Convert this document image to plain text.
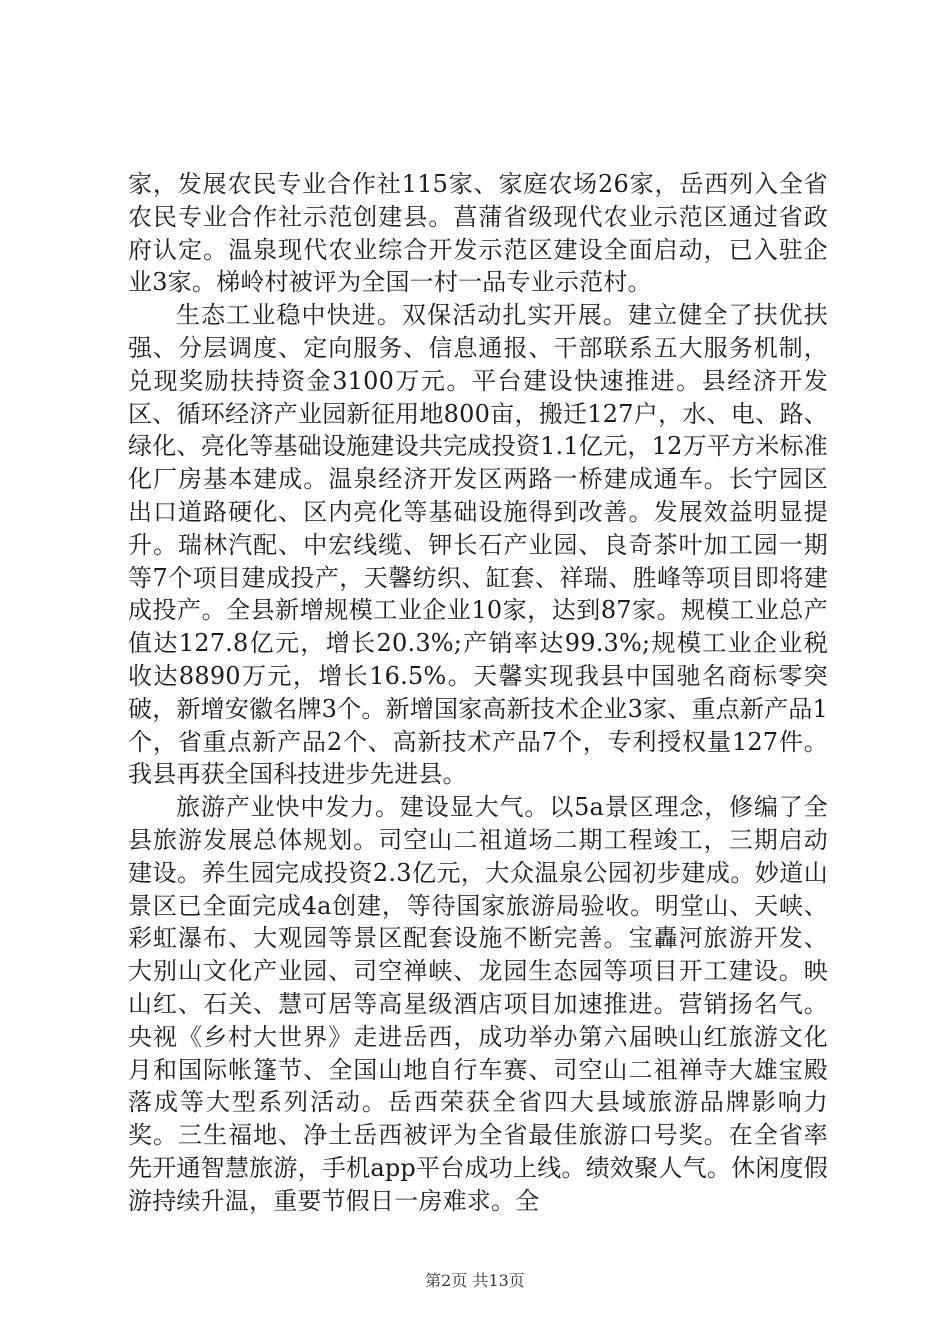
家，发展农民专业合作社115家、家庭农场26家，岳西列入全省农民专业合作社示范创建县。菖蒲省级现代农业示范区通过省政府认定。温泉现代农业综合开发示范区建设全面启动，已入驻企业3家。梯岭村被评为全国一村一品专业示范村。

生态工业稳中快进。双保活动扎实开展。建立健全了扶优扶强、分层调度、定向服务、信息通报、干部联系五大服务机制，兑现奖励扶持资金3100万元。平台建设快速推进。县经济开发区、循环经济产业园新征用地800亩，搬迁127户，水、电、路、绿化、亮化等基础设施建设共完成投资1.1亿元，12万平方米标准化厂房基本建成。温泉经济开发区两路一桥建成通车。长宁园区出口道路硬化、区内亮化等基础设施得到改善。发展效益明显提升。瑞林汽配、中宏线缆、钾长石产业园、良奇茶叶加工园一期等7个项目建成投产，天馨纺织、缸套、祥瑞、胜峰等项目即将建成投产。全县新增规模工业企业10家，达到87家。规模工业总产值达127.8亿元，增长20.3%;产销率达99.3%;规模工业企业税收达8890万元，增长16.5%。天馨实现我县中国驰名商标零突破，新增安徽名牌3个。新增国家高新技术企业3家、重点新产品1个，省重点新产品2个、高新技术产品7个，专利授权量127件。我县再获全国科技进步先进县。

旅游产业快中发力。建设显大气。以5a景区理念，修编了全县旅游发展总体规划。司空山二祖道场二期工程竣工，三期启动建设。养生园完成投资2.3亿元，大众温泉公园初步建成。妙道山景区已全面完成4a创建，等待国家旅游局验收。明堂山、天峡、彩虹瀑布、大观园等景区配套设施不断完善。宝轟河旅游开发、大别山文化产业园、司空禅峡、龙园生态园等项目开工建设。映山红、石关、慧可居等高星级酒店项目加速推进。营销扬名气。央视《乡村大世界》走进岳西，成功举办第六届映山红旅游文化月和国际帐篷节、全国山地自行车赛、司空山二祖禅寺大雄宝殿落成等大型系列活动。岳西荣获全省四大县域旅游品牌影响力奖。三生福地、净土岳西被评为全省最佳旅游口号奖。在全省率先开通智慧旅游，手机app平台成功上线。绩效聚人气。休闲度假游持续升温，重要节假日一房难求。全

第2页 共13页
